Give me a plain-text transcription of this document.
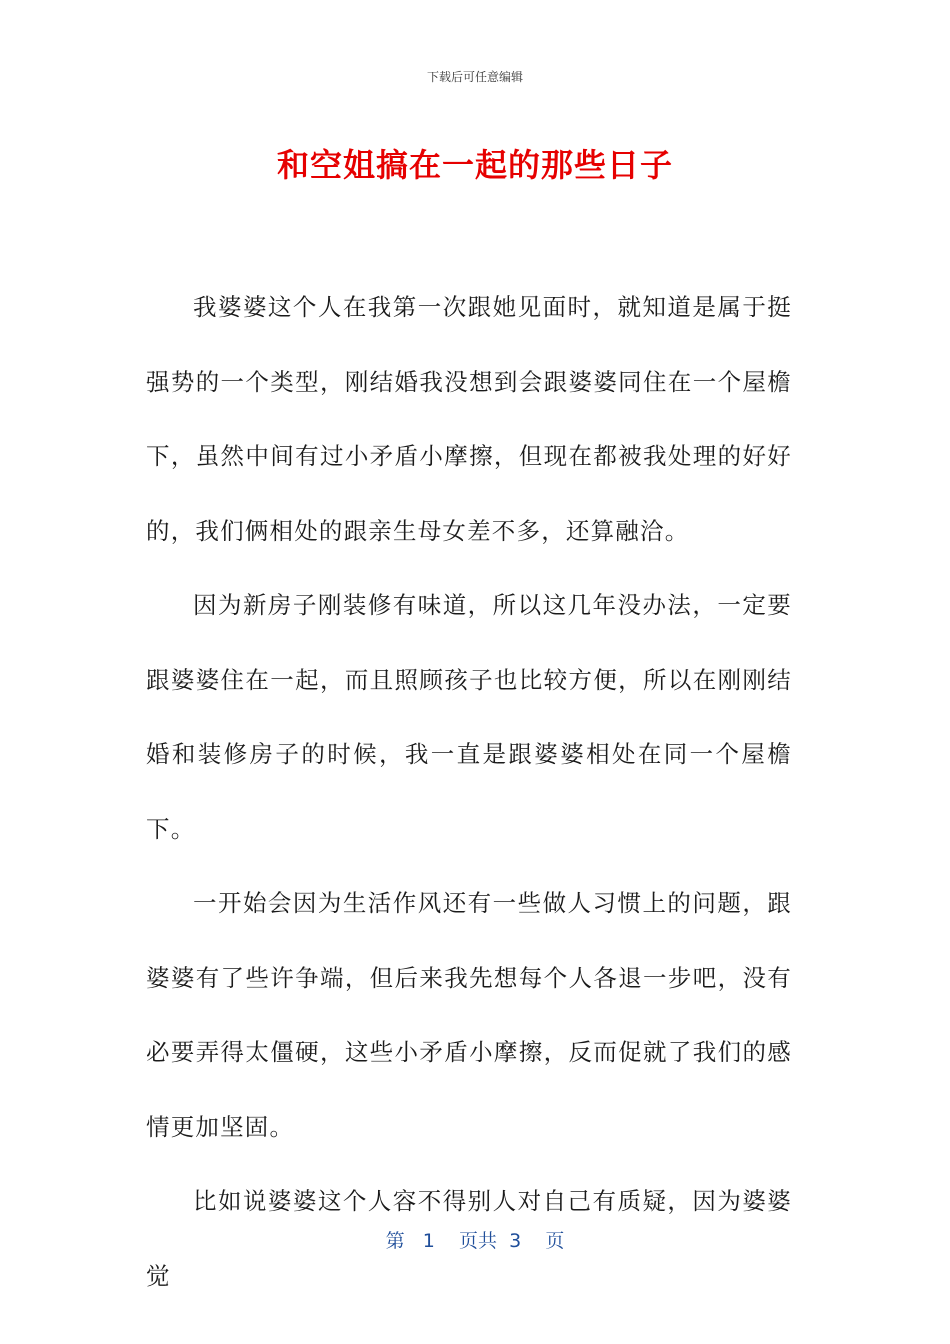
下载后可任意编辑
和空姐搞在一起的那些日子

我婆婆这个人在我第一次跟她见面时，就知道是属于挺强势的一个类型，刚结婚我没想到会跟婆婆同住在一个屋檐下，虽然中间有过小矛盾小摩擦，但现在都被我处理的好好的，我们俩相处的跟亲生母女差不多，还算融洽。

因为新房子刚装修有味道，所以这几年没办法，一定要跟婆婆住在一起，而且照顾孩子也比较方便，所以在刚刚结婚和装修房子的时候，我一直是跟婆婆相处在同一个屋檐下。

一开始会因为生活作风还有一些做人习惯上的问题，跟婆婆有了些许争端，但后来我先想每个人各退一步吧，没有必要弄得太僵硬，这些小矛盾小摩擦，反而促就了我们的感情更加坚固。

比如说婆婆这个人容不得别人对自己有质疑，因为婆婆觉

第 1 页共 3 页
